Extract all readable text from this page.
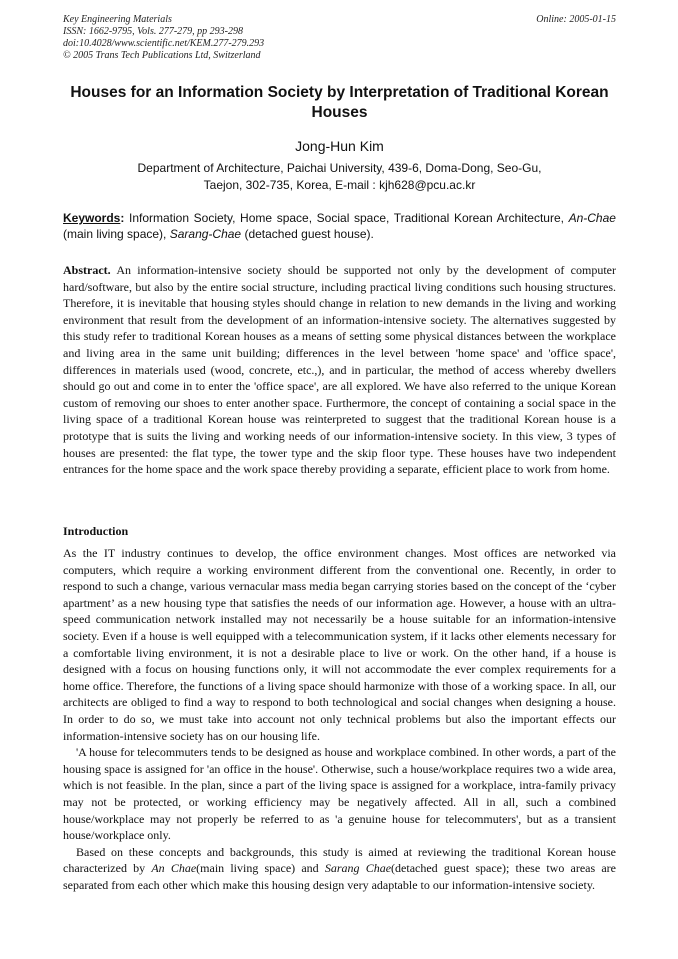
Key Engineering Materials
ISSN: 1662-9795, Vols. 277-279, pp 293-298
doi:10.4028/www.scientific.net/KEM.277-279.293
© 2005 Trans Tech Publications Ltd, Switzerland
Online: 2005-01-15
Houses for an Information Society by Interpretation of Traditional Korean Houses
Jong-Hun Kim
Department of Architecture, Paichai University, 439-6, Doma-Dong, Seo-Gu,
Taejon, 302-735, Korea, E-mail : kjh628@pcu.ac.kr
Keywords: Information Society, Home space, Social space, Traditional Korean Architecture, An-Chae (main living space), Sarang-Chae (detached guest house).
Abstract. An information-intensive society should be supported not only by the development of computer hard/software, but also by the entire social structure, including practical living conditions such housing structures. Therefore, it is inevitable that housing styles should change in relation to new demands in the living and working environment that result from the development of an information-intensive society. The alternatives suggested by this study refer to traditional Korean houses as a means of setting some physical distances between the workplace and living area in the same unit building; differences in the level between 'home space' and 'office space', differences in materials used (wood, concrete, etc.,), and in particular, the method of access whereby dwellers should go out and come in to enter the 'office space', are all explored. We have also referred to the unique Korean custom of removing our shoes to enter another space. Furthermore, the concept of containing a social space in the living space of a traditional Korean house was reinterpreted to suggest that the traditional Korean house is a prototype that is suits the living and working needs of our information-intensive society. In this view, 3 types of houses are presented: the flat type, the tower type and the skip floor type. These houses have two independent entrances for the home space and the work space thereby providing a separate, efficient place to work from home.
Introduction

As the IT industry continues to develop, the office environment changes. Most offices are networked via computers, which require a working environment different from the conventional one. Recently, in order to respond to such a change, various vernacular mass media began carrying stories based on the concept of the ‘cyber apartment’ as a new housing type that satisfies the needs of our information age. However, a house with an ultra-speed communication network installed may not necessarily be a house suitable for an information-intensive society. Even if a house is well equipped with a telecommunication system, if it lacks other elements necessary for a comfortable living environment, it is not a desirable place to live or work. On the other hand, if a house is designed with a focus on housing functions only, it will not accommodate the ever complex requirements for a home office. Therefore, the functions of a living space should harmonize with those of a working space. In all, our architects are obliged to find a way to respond to both technological and social changes when designing a house. In order to do so, we must take into account not only technical problems but also the important effects our information-intensive society has on our housing life.

'A house for telecommuters tends to be designed as house and workplace combined. In other words, a part of the housing space is assigned for 'an office in the house'. Otherwise, such a house/workplace requires two a wide area, which is not feasible. In the plan, since a part of the living space is assigned for a workplace, intra-family privacy may not be protected, or working efficiency may be negatively affected. All in all, such a combined house/workplace may not properly be referred to as 'a genuine house for telecommuters', but as a transient house/workplace only.

Based on these concepts and backgrounds, this study is aimed at reviewing the traditional Korean house characterized by An Chae(main living space) and Sarang Chae(detached guest space); these two areas are separated from each other which make this housing design very adaptable to our information-intensive society.
